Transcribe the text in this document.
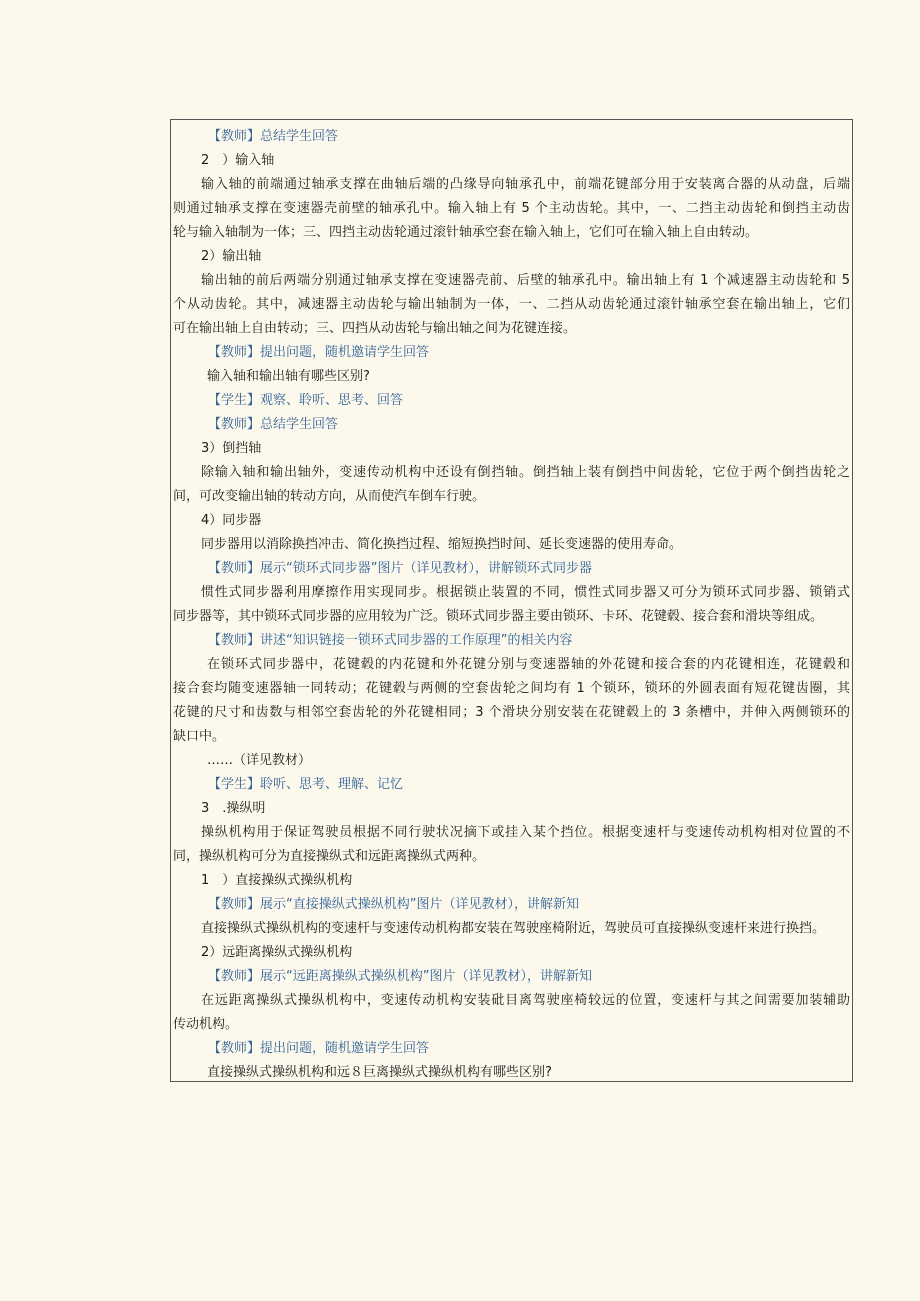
【教师】总结学生回答
2　）输入轴
输入轴的前端通过轴承支撑在曲轴后端的凸缘导向轴承孔中，前端花键部分用于安装离合器的从动盘，后端
则通过轴承支撑在变速器壳前壁的轴承孔中。输入轴上有 5 个主动齿轮。其中，一、二挡主动齿轮和倒挡主动齿
轮与输入轴制为一体；三、四挡主动齿轮通过滚针轴承空套在输入轴上，它们可在输入轴上自由转动。
2）输出轴
输出轴的前后两端分别通过轴承支撑在变速器壳前、后壁的轴承孔中。输出轴上有 1 个减速器主动齿轮和 5
个从动齿轮。其中，减速器主动齿轮与输出轴制为一体，一、二挡从动齿轮通过滚针轴承空套在输出轴上，它们
可在输出轴上自由转动；三、四挡从动齿轮与输出轴之间为花键连接。
【教师】提出问题，随机邀请学生回答
输入轴和输出轴有哪些区别?
【学生】观察、聆听、思考、回答
【教师】总结学生回答
3）倒挡轴
除输入轴和输出轴外，变速传动机构中还设有倒挡轴。倒挡轴上装有倒挡中间齿轮，它位于两个倒挡齿轮之
间，可改变输出轴的转动方向，从而使汽车倒车行驶。
4）同步器
同步器用以消除换挡冲击、简化换挡过程、缩短换挡时间、延长变速器的使用寿命。
【教师】展示“锁环式同步器”图片（详见教材），讲解锁环式同步器
惯性式同步器利用摩擦作用实现同步。根据锁止装置的不同，惯性式同步器又可分为锁环式同步器、锁销式
同步器等，其中锁环式同步器的应用较为广泛。锁环式同步器主要由锁环、卡环、花键毂、接合套和滑块等组成。
【教师】讲述“知识链接一锁环式同步器的工作原理”的相关内容
在锁环式同步器中，花键毂的内花键和外花键分别与变速器轴的外花键和接合套的内花键相连，花键毂和
接合套均随变速器轴一同转动；花键毂与两侧的空套齿轮之间均有 1 个锁环，锁环的外圆表面有短花键齿圈，其
花键的尺寸和齿数与相邻空套齿轮的外花键相同；3 个滑块分别安装在花键毂上的 3 条槽中，并伸入两侧锁环的
缺口中。
……（详见教材）
【学生】聆听、思考、理解、记忆
3　.操纵明
操纵机构用于保证驾驶员根据不同行驶状况摘下或挂入某个挡位。根据变速杆与变速传动机构相对位置的不
同，操纵机构可分为直接操纵式和远距离操纵式两种。
1　）直接操纵式操纵机构
【教师】展示“直接操纵式操纵机构”图片（详见教材），讲解新知
直接操纵式操纵机构的变速杆与变速传动机构都安装在驾驶座椅附近，驾驶员可直接操纵变速杆来进行换挡。
2）远距离操纵式操纵机构
【教师】展示“远距离操纵式操纵机构”图片（详见教材），讲解新知
在远距离操纵式操纵机构中，变速传动机构安装砒目离驾驶座椅较远的位置，变速杆与其之间需要加装辅助
传动机构。
【教师】提出问题，随机邀请学生回答
直接操纵式操纵机构和远８巨离操纵式操纵机构有哪些区别?
